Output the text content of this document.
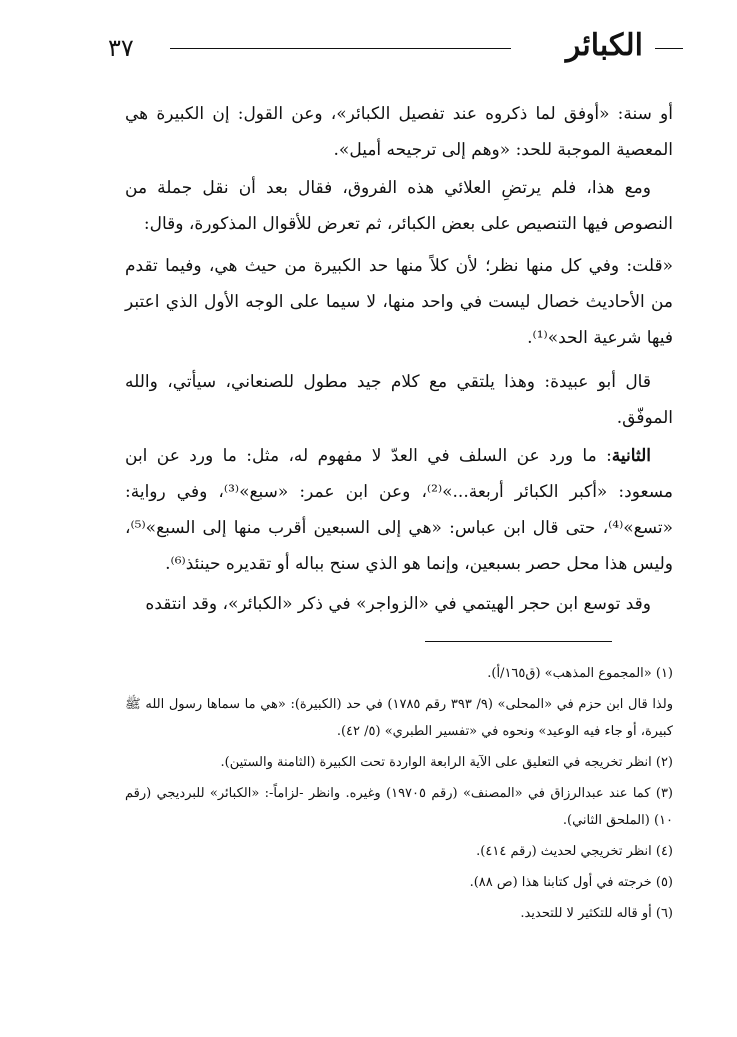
الكبائر
٣٧
أو سنة: «أوفق لما ذكروه عند تفصيل الكبائر»، وعن القول: إن الكبيرة هي المعصية الموجبة للحد: «وهم إلى ترجيحه أميل».
ومع هذا، فلم يرتضِ العلائي هذه الفروق، فقال بعد أن نقل جملة من النصوص فيها التنصيص على بعض الكبائر، ثم تعرض للأقوال المذكورة، وقال:
«قلت: وفي كل منها نظر؛ لأن كلاً منها حد الكبيرة من حيث هي، وفيما تقدم من الأحاديث خصال ليست في واحد منها، لا سيما على الوجه الأول الذي اعتبر فيها شرعية الحد»⁽¹⁾.
قال أبو عبيدة: وهذا يلتقي مع كلام جيد مطول للصنعاني، سيأتي، والله الموفّق.
الثانية: ما ورد عن السلف في العدّ لا مفهوم له، مثل: ما ورد عن ابن مسعود: «أكبر الكبائر أربعة...»⁽²⁾، وعن ابن عمر: «سبع»⁽³⁾، وفي رواية: «تسع»⁽⁴⁾، حتى قال ابن عباس: «هي إلى السبعين أقرب منها إلى السبع»⁽⁵⁾، وليس هذا محل حصر بسبعين، وإنما هو الذي سنح بباله أو تقديره حينئذ⁽⁶⁾.
وقد توسع ابن حجر الهيتمي في «الزواجر» في ذكر «الكبائر»، وقد انتقده
(١) «المجموع المذهب» (ق١٦٥/أ).
ولذا قال ابن حزم في «المحلى» (٩/ ٣٩٣ رقم ١٧٨٥) في حد (الكبيرة): «هي ما سماها رسول الله ﷺ كبيرة، أو جاء فيه الوعيد» ونحوه في «تفسير الطبري» (٥/ ٤٢).
(٢) انظر تخريجه في التعليق على الآية الرابعة الواردة تحت الكبيرة (الثامنة والستين).
(٣) كما عند عبدالرزاق في «المصنف» (رقم ١٩٧٠٥) وغيره. وانظر -لزاماً-: «الكبائر» للبرديجي (رقم ١٠) (الملحق الثاني).
(٤) انظر تخريجي لحديث (رقم ٤١٤).
(٥) خرجته في أول كتابنا هذا (ص ٨٨).
(٦) أو قاله للتكثير لا للتحديد.
